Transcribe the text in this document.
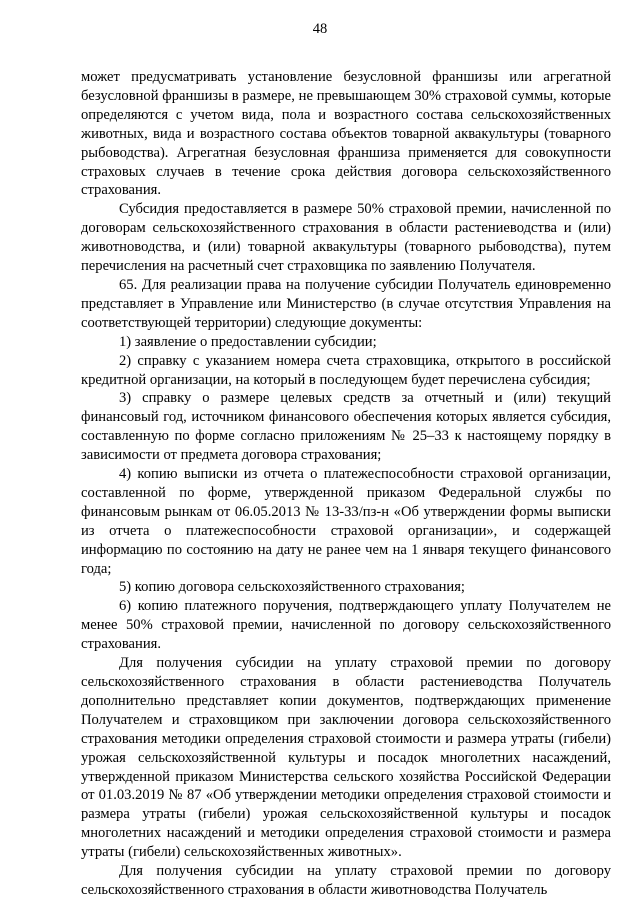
48

может предусматривать установление безусловной франшизы или агрегатной безусловной франшизы в размере, не превышающем 30% страховой суммы, которые определяются с учетом вида, пола и возрастного состава сельскохозяйственных животных, вида и возрастного состава объектов товарной аквакультуры (товарного рыбоводства). Агрегатная безусловная франшиза применяется для совокупности страховых случаев в течение срока действия договора сельскохозяйственного страхования.

Субсидия предоставляется в размере 50% страховой премии, начисленной по договорам сельскохозяйственного страхования в области растениеводства и (или) животноводства, и (или) товарной аквакультуры (товарного рыбоводства), путем перечисления на расчетный счет страховщика по заявлению Получателя.

65. Для реализации права на получение субсидии Получатель единовременно представляет в Управление или Министерство (в случае отсутствия Управления на соответствующей территории) следующие документы:

1) заявление о предоставлении субсидии;

2) справку с указанием номера счета страховщика, открытого в российской кредитной организации, на который в последующем будет перечислена субсидия;

3) справку о размере целевых средств за отчетный и (или) текущий финансовый год, источником финансового обеспечения которых является субсидия, составленную по форме согласно приложениям № 25–33 к настоящему порядку в зависимости от предмета договора страхования;

4) копию выписки из отчета о платежеспособности страховой организации, составленной по форме, утвержденной приказом Федеральной службы по финансовым рынкам от 06.05.2013 № 13-33/пз-н «Об утверждении формы выписки из отчета о платежеспособности страховой организации», и содержащей информацию по состоянию на дату не ранее чем на 1 января текущего финансового года;

5) копию договора сельскохозяйственного страхования;

6) копию платежного поручения, подтверждающего уплату Получателем не менее 50% страховой премии, начисленной по договору сельскохозяйственного страхования.

Для получения субсидии на уплату страховой премии по договору сельскохозяйственного страхования в области растениеводства Получатель дополнительно представляет копии документов, подтверждающих применение Получателем и страховщиком при заключении договора сельскохозяйственного страхования методики определения страховой стоимости и размера утраты (гибели) урожая сельскохозяйственной культуры и посадок многолетних насаждений, утвержденной приказом Министерства сельского хозяйства Российской Федерации от 01.03.2019 № 87 «Об утверждении методики определения страховой стоимости и размера утраты (гибели) урожая сельскохозяйственной культуры и посадок многолетних насаждений и методики определения страховой стоимости и размера утраты (гибели) сельскохозяйственных животных».

Для получения субсидии на уплату страховой премии по договору сельскохозяйственного страхования в области животноводства Получатель
